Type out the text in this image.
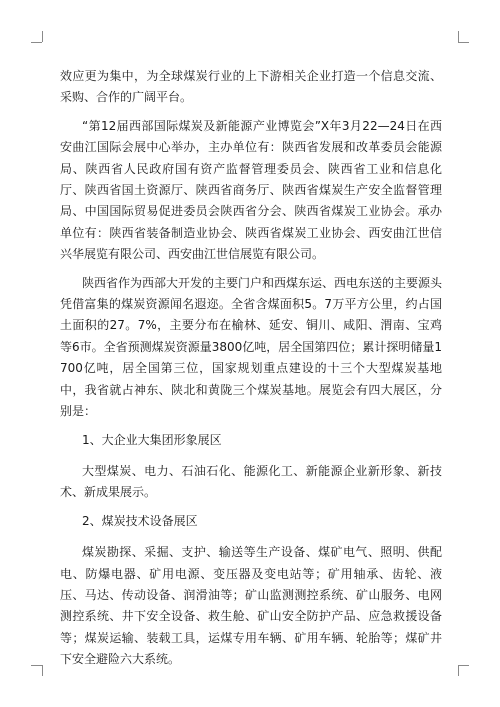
效应更为集中，为全球煤炭行业的上下游相关企业打造一个信息交流、采购、合作的广阔平台。

“第12届西部国际煤炭及新能源产业博览会”X年3月22—24日在西安曲江国际会展中心举办，主办单位有：陕西省发展和改革委员会能源局、陕西省人民政府国有资产监督管理委员会、陕西省工业和信息化厅、陕西省国土资源厅、陕西省商务厅、陕西省煤炭生产安全监督管理局、中国国际贸易促进委员会陕西省分会、陕西省煤炭工业协会。承办单位有：陕西省装备制造业协会、陕西省煤炭工业协会、西安曲江世信兴华展览有限公司、西安曲江世信展览有限公司。

陕西省作为西部大开发的主要门户和西煤东运、西电东送的主要源头凭借富集的煤炭资源闻名遐迩。全省含煤面积5。7万平方公里，约占国土面积的27。7%，主要分布在榆林、延安、铜川、咸阳、渭南、宝鸡等6市。全省预测煤炭资源量3800亿吨，居全国第四位；累计探明储量1700亿吨，居全国第三位，国家规划重点建设的十三个大型煤炭基地中，我省就占神东、陕北和黄陇三个煤炭基地。展览会有四大展区，分别是：

1、大企业大集团形象展区

大型煤炭、电力、石油石化、能源化工、新能源企业新形象、新技术、新成果展示。

2、煤炭技术设备展区

煤炭勘探、采掘、支护、输送等生产设备、煤矿电气、照明、供配电、防爆电器、矿用电源、变压器及变电站等；矿用轴承、齿轮、液压、马达、传动设备、润滑油等；矿山监测测控系统、矿山服务、电网测控系统、井下安全设备、救生舱、矿山安全防护产品、应急救援设备等；煤炭运输、装载工具，运煤专用车辆、矿用车辆、轮胎等；煤矿井下安全避险六大系统。
